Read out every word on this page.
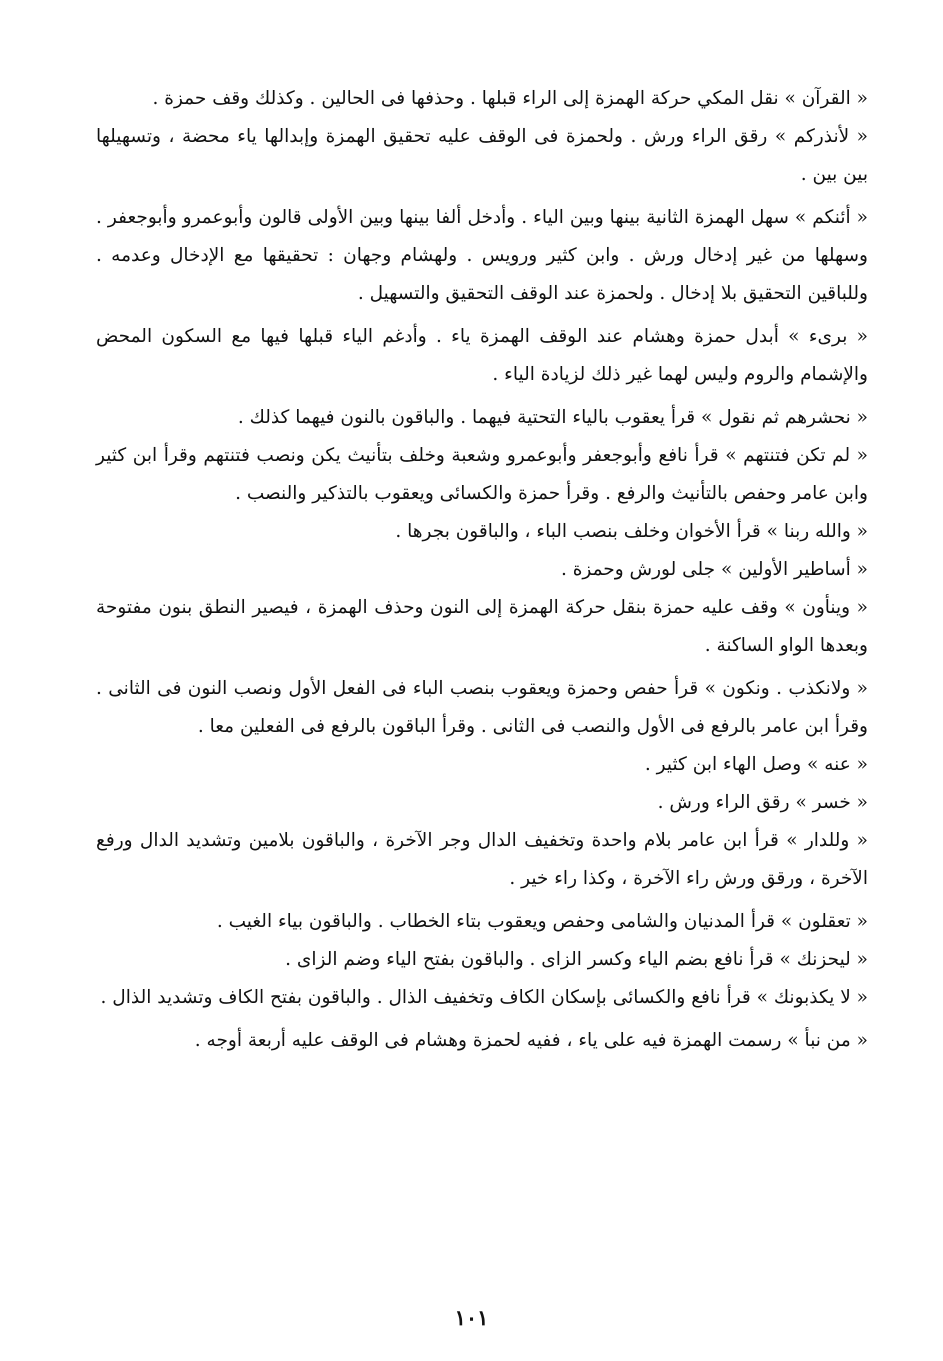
« القرآن » نقل المكي حركة الهمزة إلى الراء قبلها . وحذفها فى الحالين . وكذلك وقف حمزة .

« لأنذركم » رقق الراء ورش . ولحمزة فى الوقف عليه تحقيق الهمزة وإبدالها ياء محضة ، وتسهيلها بين بين .

« أئنكم » سهل الهمزة الثانية بينها وبين الياء . وأدخل ألفا بينها وبين الأولى قالون وأبوعمرو وأبوجعفر . وسهلها من غير إدخال ورش . وابن كثير ورويس . ولهشام وجهان : تحقيقها مع الإدخال وعدمه . وللباقين التحقيق بلا إدخال . ولحمزة عند الوقف التحقيق والتسهيل .

« برىء » أبدل حمزة وهشام عند الوقف الهمزة ياء . وأدغم الياء قبلها فيها مع السكون المحض والإشمام والروم وليس لهما غير ذلك لزيادة الياء .

« نحشرهم ثم نقول » قرأ يعقوب بالياء التحتية فيهما . والباقون بالنون فيهما كذلك .

« لم تكن فتنتهم » قرأ نافع وأبوجعفر وأبوعمرو وشعبة وخلف بتأنيث يكن ونصب فتنتهم وقرأ ابن كثير وابن عامر وحفص بالتأنيث والرفع . وقرأ حمزة والكسائى ويعقوب بالتذكير والنصب .

« والله ربنا » قرأ الأخوان وخلف بنصب الباء ، والباقون بجرها .

« أساطير الأولين » جلى لورش وحمزة .

« وينأون » وقف عليه حمزة بنقل حركة الهمزة إلى النون وحذف الهمزة ، فيصير النطق بنون مفتوحة وبعدها الواو الساكنة .

« ولانكذب . ونكون » قرأ حفص وحمزة ويعقوب بنصب الباء فى الفعل الأول ونصب النون فى الثانى . وقرأ ابن عامر بالرفع فى الأول والنصب فى الثانى . وقرأ الباقون بالرفع فى الفعلين معا .

« عنه » وصل الهاء ابن كثير .

« خسر » رقق الراء ورش .

« وللدار » قرأ ابن عامر بلام واحدة وتخفيف الدال وجر الآخرة ، والباقون بلامين وتشديد الدال ورفع الآخرة ، ورقق ورش راء الآخرة ، وكذا راء خير .

« تعقلون » قرأ المدنيان والشامى وحفص ويعقوب بتاء الخطاب . والباقون بياء الغيب .

« ليحزنك » قرأ نافع بضم الياء وكسر الزاى . والباقون بفتح الياء وضم الزاى .

« لا يكذبونك » قرأ نافع والكسائى بإسكان الكاف وتخفيف الذال . والباقون بفتح الكاف وتشديد الذال .

« من نبأ » رسمت الهمزة فيه على ياء ، ففيه لحمزة وهشام فى الوقف عليه أربعة أوجه .

١٠١
